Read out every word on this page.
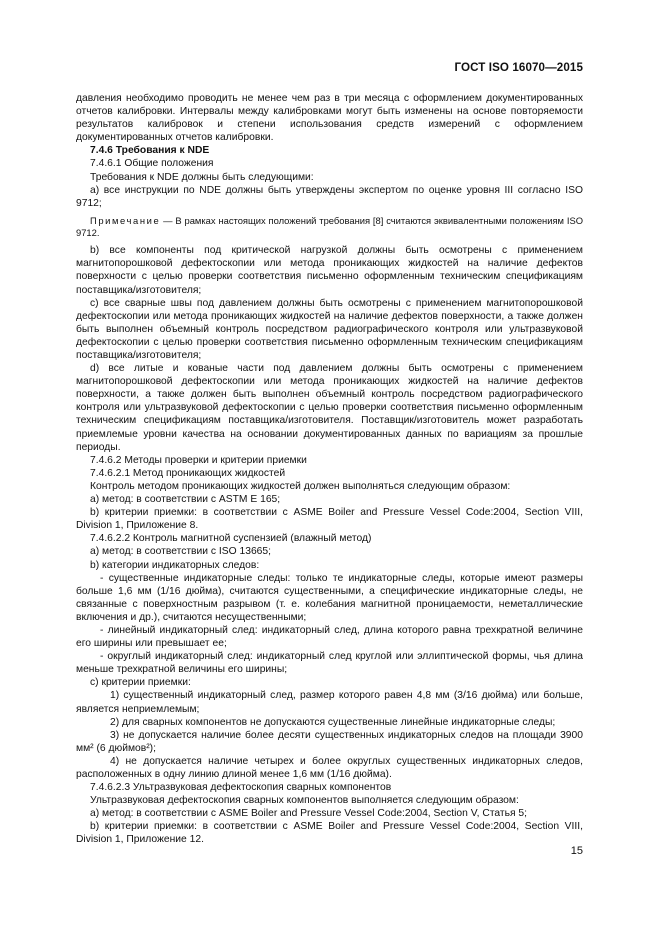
ГОСТ ISO 16070—2015

давления необходимо проводить не менее чем раз в три месяца с оформлением документированных отчетов калибровки. Интервалы между калибровками могут быть изменены на основе повторяемости результатов калибровок и степени использования средств измерений с оформлением документированных отчетов калибровки.

7.4.6 Требования к NDE

7.4.6.1 Общие положения

Требования к NDE должны быть следующими:

а) все инструкции по NDE должны быть утверждены экспертом по оценке уровня III согласно ISO 9712;

Примечание — В рамках настоящих положений требования [8] считаются эквивалентными положениям ISO 9712.

b) все компоненты под критической нагрузкой должны быть осмотрены с применением магнитопорошковой дефектоскопии или метода проникающих жидкостей на наличие дефектов поверхности с целью проверки соответствия письменно оформленным техническим спецификациям поставщика/изготовителя;

c) все сварные швы под давлением должны быть осмотрены с применением магнитопорошковой дефектоскопии или метода проникающих жидкостей на наличие дефектов поверхности, а также должен быть выполнен объемный контроль посредством радиографического контроля или ультразвуковой дефектоскопии с целью проверки соответствия письменно оформленным техническим спецификациям поставщика/изготовителя;

d) все литые и кованые части под давлением должны быть осмотрены с применением магнитопорошковой дефектоскопии или метода проникающих жидкостей на наличие дефектов поверхности, а также должен быть выполнен объемный контроль посредством радиографического контроля или ультразвуковой дефектоскопии с целью проверки соответствия письменно оформленным техническим спецификациям поставщика/изготовителя. Поставщик/изготовитель может разработать приемлемые уровни качества на основании документированных данных по вариациям за прошлые периоды.

7.4.6.2 Методы проверки и критерии приемки

7.4.6.2.1 Метод проникающих жидкостей

Контроль методом проникающих жидкостей должен выполняться следующим образом:

а) метод: в соответствии с ASTM E 165;

b) критерии приемки: в соответствии с ASME Boiler and Pressure Vessel Code:2004, Section VIII, Division 1, Приложение 8.

7.4.6.2.2 Контроль магнитной суспензией (влажный метод)

а) метод: в соответствии с ISO 13665;

b) категории индикаторных следов:

- существенные индикаторные следы: только те индикаторные следы, которые имеют размеры больше 1,6 мм (1/16 дюйма), считаются существенными, а специфические индикаторные следы, не связанные с поверхностным разрывом (т. е. колебания магнитной проницаемости, неметаллические включения и др.), считаются несущественными;

- линейный индикаторный след: индикаторный след, длина которого равна трехкратной величине его ширины или превышает ее;

- округлый индикаторный след: индикаторный след круглой или эллиптической формы, чья длина меньше трехкратной величины его ширины;

c) критерии приемки:

1) существенный индикаторный след, размер которого равен 4,8 мм (3/16 дюйма) или больше, является неприемлемым;

2) для сварных компонентов не допускаются существенные линейные индикаторные следы;

3) не допускается наличие более десяти существенных индикаторных следов на площади 3900 мм² (6 дюймов²);

4) не допускается наличие четырех и более округлых существенных индикаторных следов, расположенных в одну линию длиной менее 1,6 мм (1/16 дюйма).

7.4.6.2.3 Ультразвуковая дефектоскопия сварных компонентов

Ультразвуковая дефектоскопия сварных компонентов выполняется следующим образом:

а) метод: в соответствии с ASME Boiler and Pressure Vessel Code:2004, Section V, Статья 5;

b) критерии приемки: в соответствии с ASME Boiler and Pressure Vessel Code:2004, Section VIII, Division 1, Приложение 12.

15
